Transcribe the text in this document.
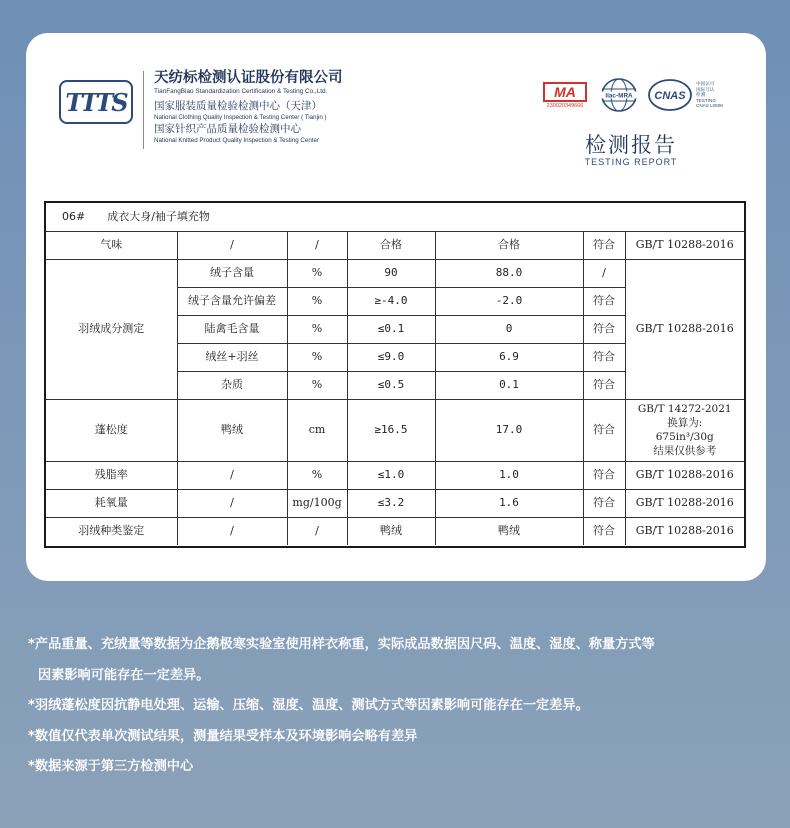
TTTS
天纺标检测认证股份有限公司
TianFangBiao Standardization Certification & Testing Co.,Ltd.
国家服装质量检验检测中心（天津）
National Clothing Quality Inspection & Testing Center ( Tianjin )
国家针织产品质量检验检测中心
National Knitted Product Quality Inspection & Testing Center
MA
230020349666
ilac-MRA CNAS
中国认可
国际互认
检测
TESTING
CNAS L0608
检测报告
TESTING REPORT
06# 成衣大身/袖子填充物						
气味	/	/	合格	合格	符合	GB/T 10288-2016
羽绒成分测定	绒子含量	%	90	88.0	/	GB/T 10288-2016
	绒子含量允许偏差	%	≥-4.0	-2.0	符合	
	陆禽毛含量	%	≤0.1	0	符合	
	绒丝+羽丝	%	≤9.0	6.9	符合	
	杂质	%	≤0.5	0.1	符合	
蓬松度	鸭绒	cm	≥16.5	17.0	符合	GB/T 14272-2021
换算为:
675in³/30g
结果仅供参考

残脂率	/	%	≤1.0	1.0	符合	GB/T 10288-2016
耗氧量	/	mg/100g	≤3.2	1.6	符合	GB/T 10288-2016
羽绒种类鉴定	/	/	鸭绒	鸭绒	符合	GB/T 10288-2016
*产品重量、充绒量等数据为企鹅极寒实验室使用样衣称重，实际成品数据因尺码、温度、湿度、称量方式等
因素影响可能存在一定差异。
*羽绒蓬松度因抗静电处理、运输、压缩、湿度、温度、测试方式等因素影响可能存在一定差异。
*数值仅代表单次测试结果，测量结果受样本及环境影响会略有差异
*数据来源于第三方检测中心
